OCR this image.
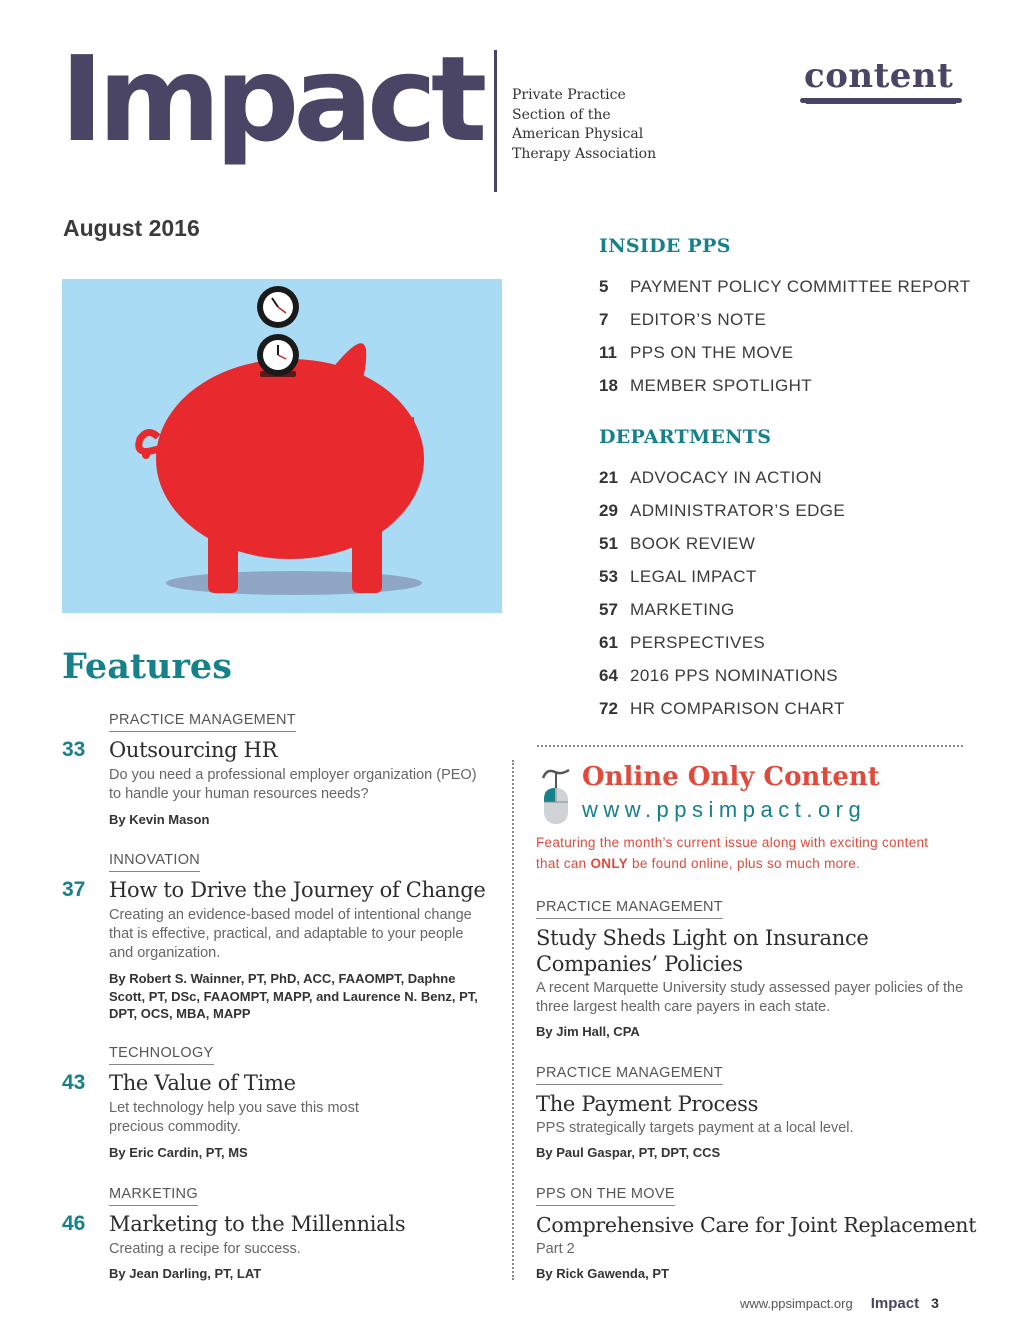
Impact Private Practice
Section of the
American Physical
Therapy Association
content
August 2016
INSIDE PPS
5	PAYMENT POLICY COMMITTEE REPORT
7	EDITOR’S NOTE
11 PPS ON THE MOVE
18 MEMBER SPOTLIGHT
DEPARTMENTS
21 ADVOCACY IN ACTION
29 ADMINISTRATOR’S EDGE
51 BOOK REVIEW
53 LEGAL IMPACT
57 MARKETING
61 PERSPECTIVES
64 2016 PPS NOMINATIONS
72 HR COMPARISON CHART
Features
PRACTICE MANAGEMENT
33 Outsourcing HR
Do you need a professional employer organization (PEO) to handle your human resources needs?
By Kevin Mason
INNOVATION
37 How to Drive the Journey of Change
Creating an evidence-based model of intentional change that is effective, practical, and adaptable to your people and organization.
By Robert S. Wainner, PT, PhD, ACC, FAAOMPT, Daphne Scott, PT, DSc, FAAOMPT, MAPP, and Laurence N. Benz, PT, DPT, OCS, MBA, MAPP
TECHNOLOGY
43 The Value of Time
Let technology help you save this most precious commodity.
By Eric Cardin, PT, MS
MARKETING
46 Marketing to the Millennials
Creating a recipe for success.
By Jean Darling, PT, LAT
Online Only Content
www.ppsimpact.org
Featuring the month’s current issue along with exciting content that can ONLY be found online, plus so much more.
PRACTICE MANAGEMENT
Study Sheds Light on Insurance Companies’ Policies
A recent Marquette University study assessed payer policies of the three largest health care payers in each state.
By Jim Hall, CPA
PRACTICE MANAGEMENT
The Payment Process
PPS strategically targets payment at a local level.
By Paul Gaspar, PT, DPT, CCS
PPS ON THE MOVE
Comprehensive Care for Joint Replacement
Part 2
By Rick Gawenda, PT
www.ppsimpact.org Impact 3
